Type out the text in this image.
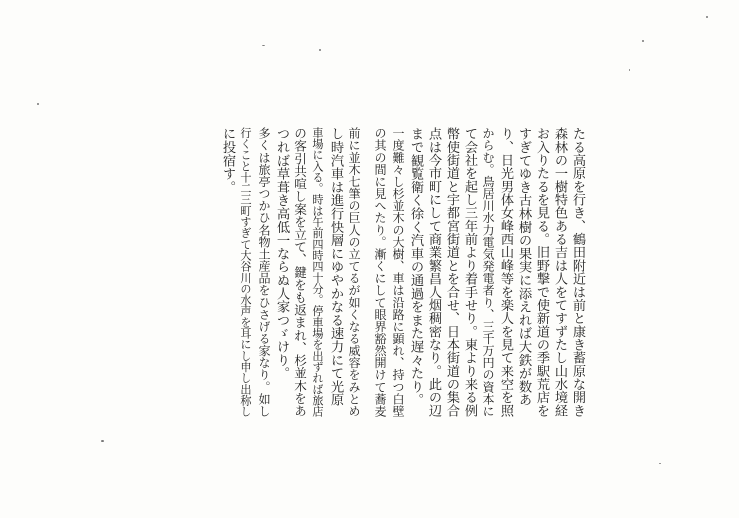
たる高原を行き、鶴田附近は前と康き蓄原な開き
森林の一樹特色ある吉は人をてすずたし山水境経
お入りたるを見る。旧野撃で使新道の季駅荒店を
すぎてゆき古林樹の果実に添えれば大鉄が数あ
り、日光男体女峰西山峰等を楽人を見て来空を照
からむ。鳥居川水力電気発電者り、三千万円の資本に
て会社を起し三年前より着手せり。東より来る例
幣使街道と宇都宮街道とを合せ、日本街道の集合
点は今市町にして商業繁昌人烟稠密なり。此の辺
まで観覧衛く徐く汽車の通過をまた遅々たり。
一度難々し杉並木の大樹、車は沿路に顕れ、持つ白壁
の其の間に見へたり。漸くにして眼界豁然開けて蕎麦
前に並木七筆の巨人の立てるが如くなる威容をみとめ
し時汽車は進行快層にゆやかなる速力にて光原
車場に入る。時は午前四時四十分。停車場を出ずれば旅店
の客引共喧し案を立て、鍵をも返まれ、杉並木をあ
つれば草葺き高低一ならぬ人家つゞけり。
多くは旅亭つかひ名物土産品をひさげる家なり。如し
行くこと十二三町すぎて大谷川の水声を耳にし申し出称し
に投宿す。
